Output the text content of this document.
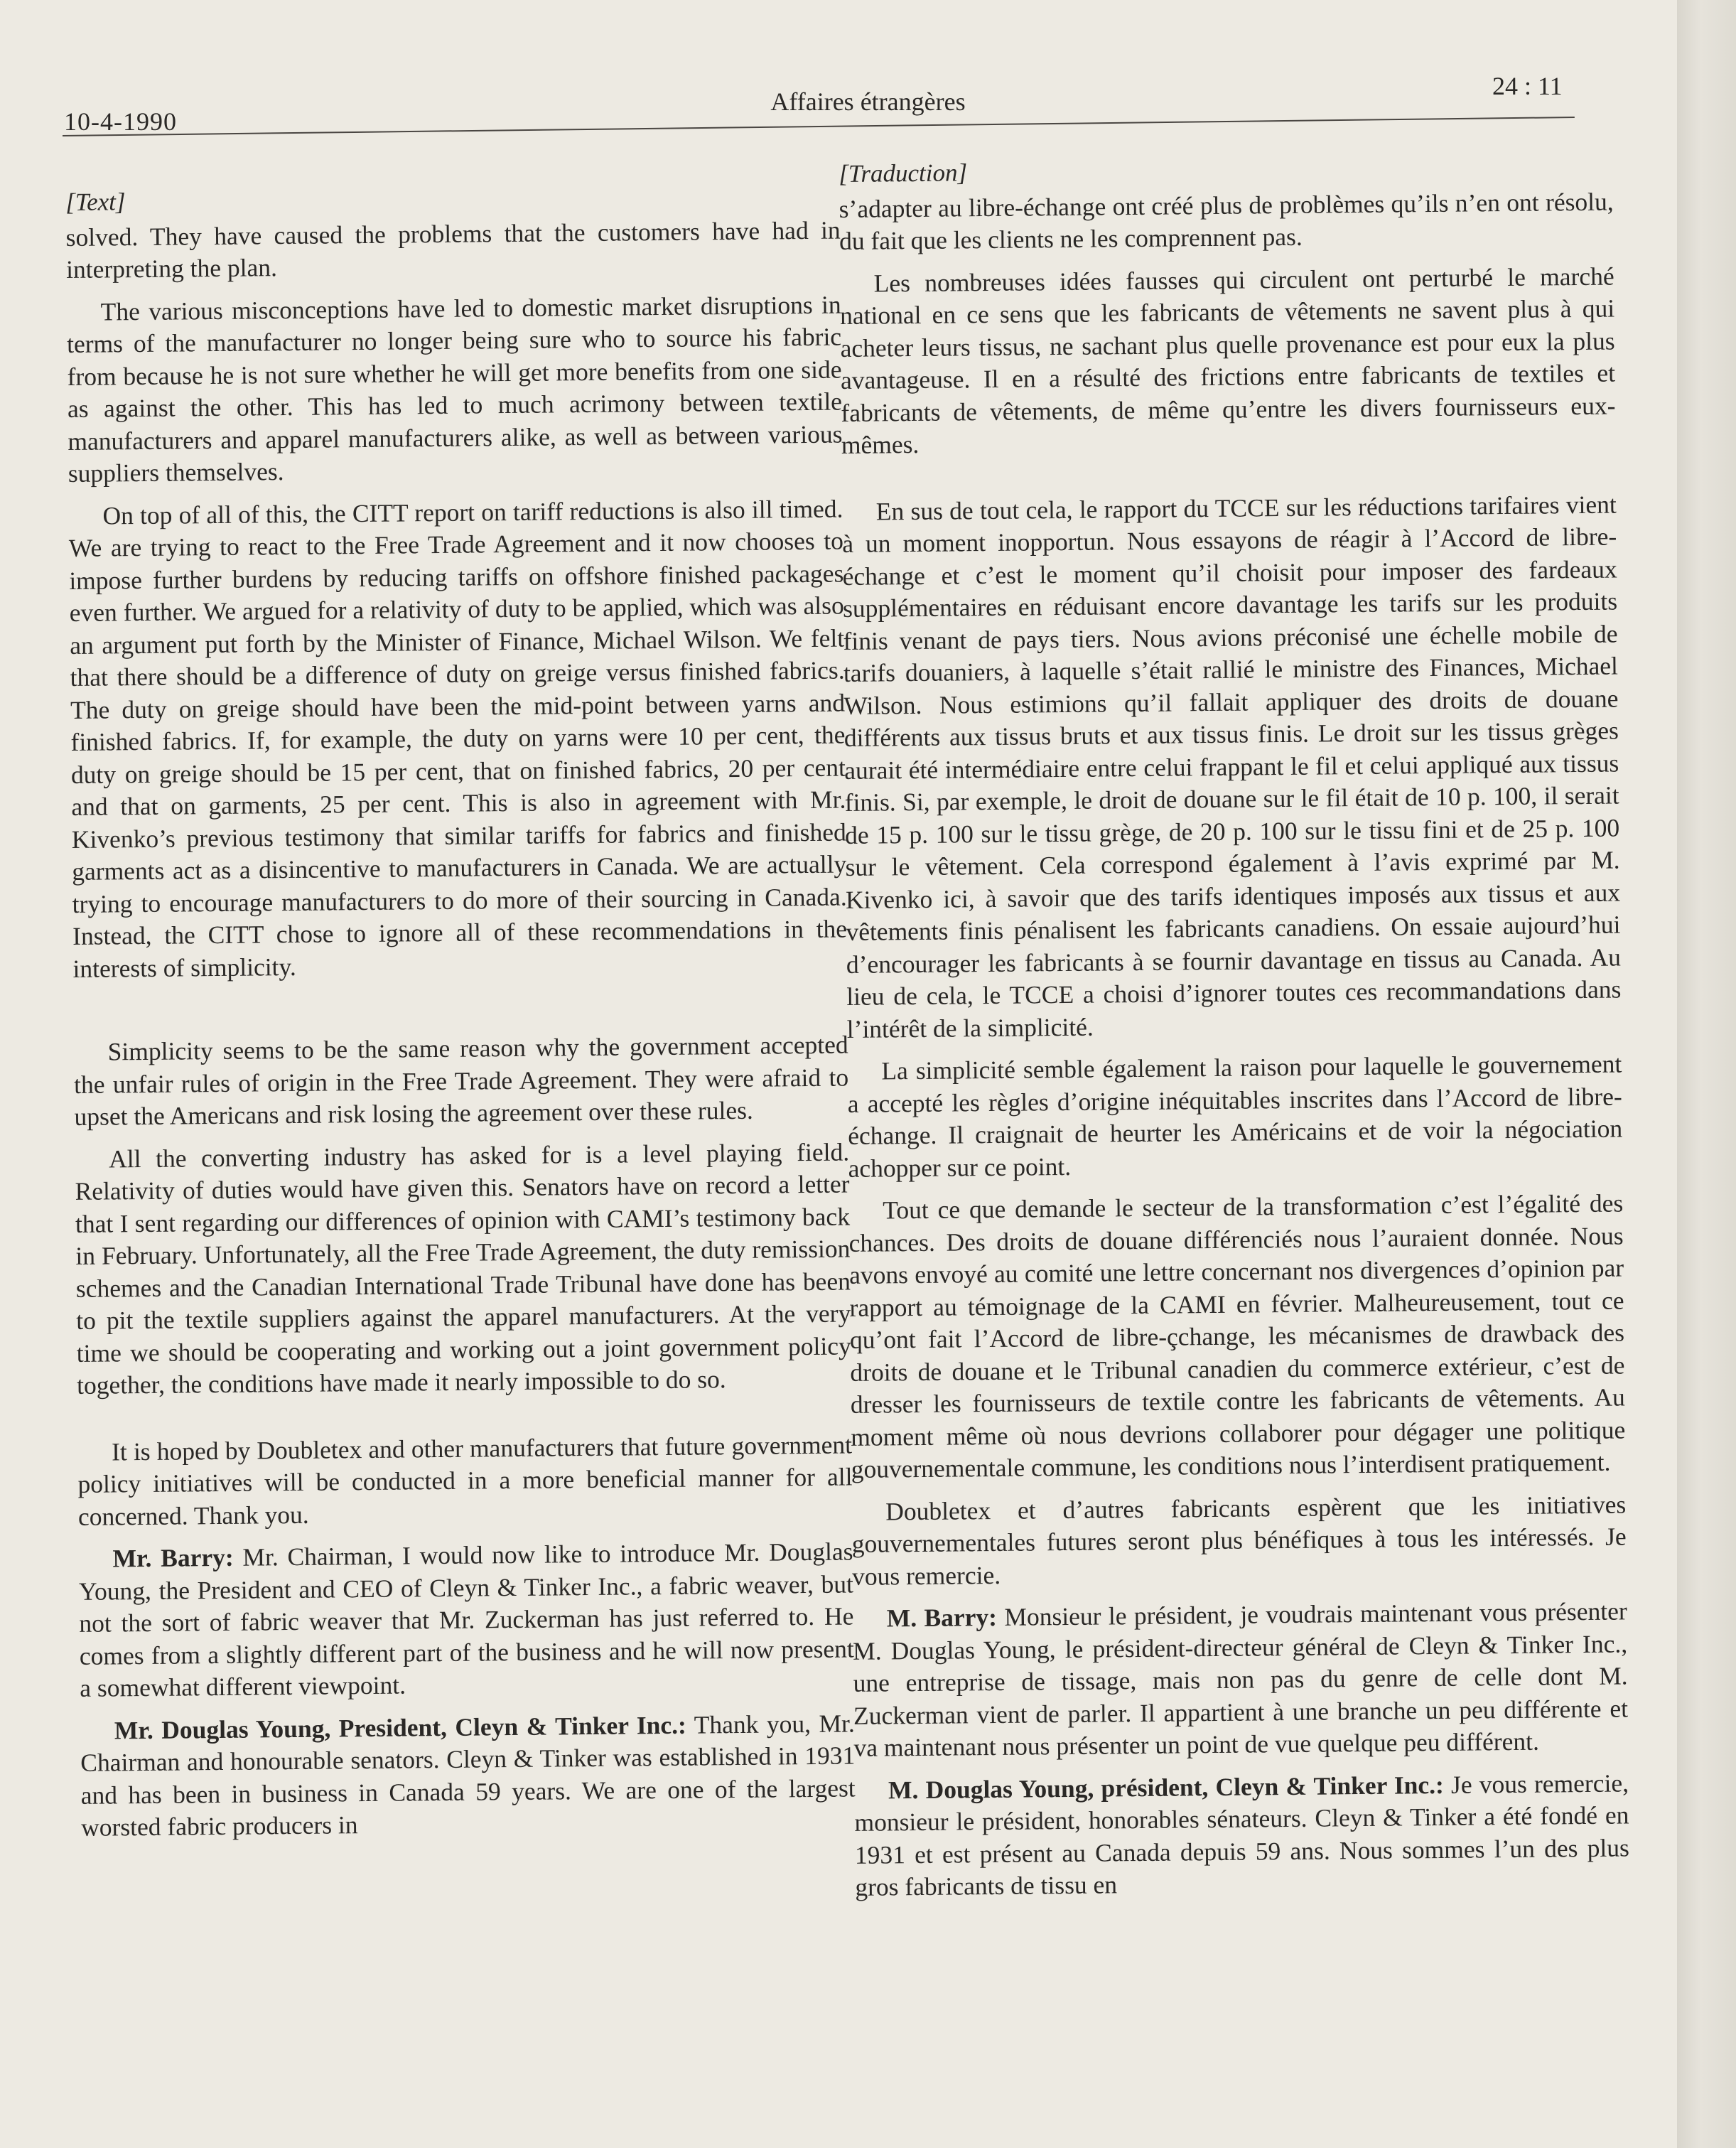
10-4-1990
Affaires étrangères
24 : 11
[Text]

solved. They have caused the problems that the customers have had in interpreting the plan.

The various misconceptions have led to domestic market disruptions in terms of the manufacturer no longer being sure who to source his fabric from because he is not sure whether he will get more benefits from one side as against the other. This has led to much acrimony between textile manufacturers and apparel manufacturers alike, as well as between various suppliers themselves.

On top of all of this, the CITT report on tariff reductions is also ill timed. We are trying to react to the Free Trade Agreement and it now chooses to impose further burdens by reducing tariffs on offshore finished packages even further. We argued for a relativity of duty to be applied, which was also an argument put forth by the Minister of Finance, Michael Wilson. We felt that there should be a difference of duty on greige versus finished fabrics. The duty on greige should have been the mid-point between yarns and finished fabrics. If, for example, the duty on yarns were 10 per cent, the duty on greige should be 15 per cent, that on finished fabrics, 20 per cent and that on garments, 25 per cent. This is also in agreement with Mr. Kivenko’s previous testimony that similar tariffs for fabrics and finished garments act as a disincentive to manufacturers in Canada. We are actually trying to encourage manufacturers to do more of their sourcing in Canada. Instead, the CITT chose to ignore all of these recommendations in the interests of simplicity.

Simplicity seems to be the same reason why the government accepted the unfair rules of origin in the Free Trade Agreement. They were afraid to upset the Americans and risk losing the agreement over these rules.

All the converting industry has asked for is a level playing field. Relativity of duties would have given this. Senators have on record a letter that I sent regarding our differences of opinion with CAMI’s testimony back in February. Unfortunately, all the Free Trade Agreement, the duty remission schemes and the Canadian International Trade Tribunal have done has been to pit the textile suppliers against the apparel manufacturers. At the very time we should be cooperating and working out a joint government policy together, the conditions have made it nearly impossible to do so.

It is hoped by Doubletex and other manufacturers that future government policy initiatives will be conducted in a more beneficial manner for all concerned. Thank you.

Mr. Barry: Mr. Chairman, I would now like to introduce Mr. Douglas Young, the President and CEO of Cleyn & Tinker Inc., a fabric weaver, but not the sort of fabric weaver that Mr. Zuckerman has just referred to. He comes from a slightly different part of the business and he will now present a somewhat different viewpoint.

Mr. Douglas Young, President, Cleyn & Tinker Inc.: Thank you, Mr. Chairman and honourable senators. Cleyn & Tinker was established in 1931 and has been in business in Canada 59 years. We are one of the largest worsted fabric producers in

[Traduction]

s’adapter au libre-échange ont créé plus de problèmes qu’ils n’en ont résolu, du fait que les clients ne les comprennent pas.

Les nombreuses idées fausses qui circulent ont perturbé le marché national en ce sens que les fabricants de vêtements ne savent plus à qui acheter leurs tissus, ne sachant plus quelle provenance est pour eux la plus avantageuse. Il en a résulté des frictions entre fabricants de textiles et fabricants de vêtements, de même qu’entre les divers fournisseurs eux-mêmes.

En sus de tout cela, le rapport du TCCE sur les réductions tarifaires vient à un moment inopportun. Nous essayons de réagir à l’Accord de libre-échange et c’est le moment qu’il choisit pour imposer des fardeaux supplémentaires en réduisant encore davantage les tarifs sur les produits finis venant de pays tiers. Nous avions préconisé une échelle mobile de tarifs douaniers, à laquelle s’était rallié le ministre des Finances, Michael Wilson. Nous estimions qu’il fallait appliquer des droits de douane différents aux tissus bruts et aux tissus finis. Le droit sur les tissus grèges aurait été intermédiaire entre celui frappant le fil et celui appliqué aux tissus finis. Si, par exemple, le droit de douane sur le fil était de 10 p. 100, il serait de 15 p. 100 sur le tissu grège, de 20 p. 100 sur le tissu fini et de 25 p. 100 sur le vêtement. Cela correspond également à l’avis exprimé par M. Kivenko ici, à savoir que des tarifs identiques imposés aux tissus et aux vêtements finis pénalisent les fabricants canadiens. On essaie aujourd’hui d’encourager les fabricants à se fournir davantage en tissus au Canada. Au lieu de cela, le TCCE a choisi d’ignorer toutes ces recommandations dans l’intérêt de la simplicité.

La simplicité semble également la raison pour laquelle le gouvernement a accepté les règles d’origine inéquitables inscrites dans l’Accord de libre-échange. Il craignait de heurter les Américains et de voir la négociation achopper sur ce point.

Tout ce que demande le secteur de la transformation c’est l’égalité des chances. Des droits de douane différenciés nous l’auraient donnée. Nous avons envoyé au comité une lettre concernant nos divergences d’opinion par rapport au témoignage de la CAMI en février. Malheureusement, tout ce qu’ont fait l’Accord de libre-çchange, les mécanismes de drawback des droits de douane et le Tribunal canadien du commerce extérieur, c’est de dresser les fournisseurs de textile contre les fabricants de vêtements. Au moment même où nous devrions collaborer pour dégager une politique gouvernementale commune, les conditions nous l’interdisent pratiquement.

Doubletex et d’autres fabricants espèrent que les initiatives gouvernementales futures seront plus bénéfiques à tous les intéressés. Je vous remercie.

M. Barry: Monsieur le président, je voudrais maintenant vous présenter M. Douglas Young, le président-directeur général de Cleyn & Tinker Inc., une entreprise de tissage, mais non pas du genre de celle dont M. Zuckerman vient de parler. Il appartient à une branche un peu différente et va maintenant nous présenter un point de vue quelque peu différent.

M. Douglas Young, président, Cleyn & Tinker Inc.: Je vous remercie, monsieur le président, honorables sénateurs. Cleyn & Tinker a été fondé en 1931 et est présent au Canada depuis 59 ans. Nous sommes l’un des plus gros fabricants de tissu en
